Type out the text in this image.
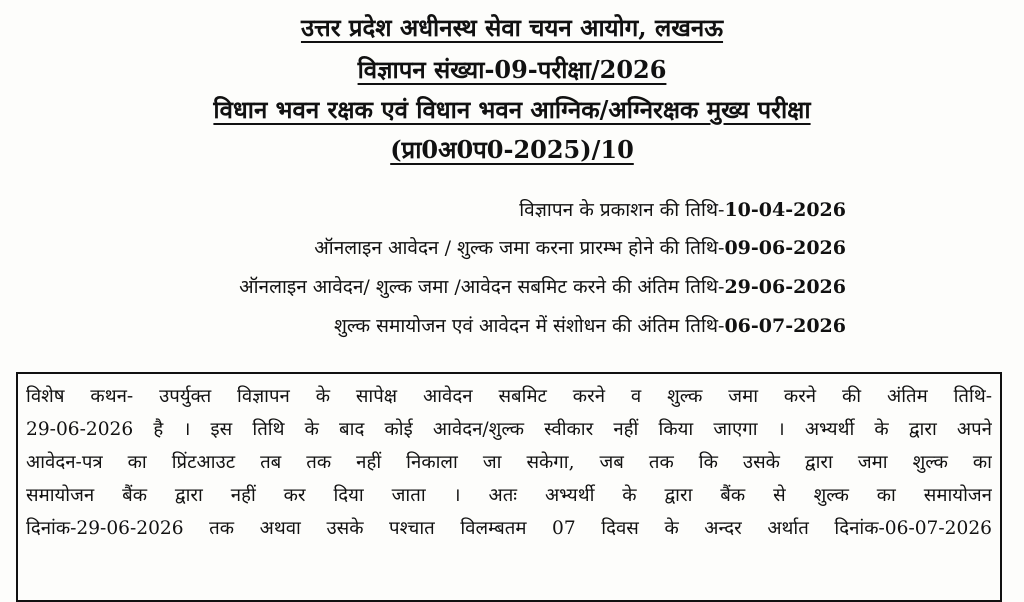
उत्तर प्रदेश अधीनस्थ सेवा चयन आयोग, लखनऊ
विज्ञापन संख्या-09-परीक्षा/2026
विधान भवन रक्षक एवं विधान भवन आग्निक/अग्निरक्षक मुख्य परीक्षा
(प्रा0अ0प0-2025)/10
विज्ञापन के प्रकाशन की तिथि-10-04-2026
ऑनलाइन आवेदन / शुल्क जमा करना प्रारम्भ होने की तिथि-09-06-2026
ऑनलाइन आवेदन/ शुल्क जमा /आवेदन सबमिट करने की अंतिम तिथि-29-06-2026
शुल्क समायोजन एवं आवेदन में संशोधन की अंतिम तिथि-06-07-2026
विशेष कथन- उपर्युक्त विज्ञापन के सापेक्ष आवेदन सबमिट करने व शुल्क जमा करने की अंतिम तिथि-
29-06-2026 है । इस तिथि के बाद कोई आवेदन/शुल्क स्वीकार नहीं किया जाएगा । अभ्यर्थी के द्वारा अपने
आवेदन-पत्र का प्रिंटआउट तब तक नहीं निकाला जा सकेगा, जब तक कि उसके द्वारा जमा शुल्क का
समायोजन बैंक द्वारा नहीं कर दिया जाता । अतः अभ्यर्थी के द्वारा बैंक से शुल्क का समायोजन
दिनांक-29-06-2026 तक अथवा उसके पश्चात विलम्बतम 07 दिवस के अन्दर अर्थात दिनांक-06-07-2026
